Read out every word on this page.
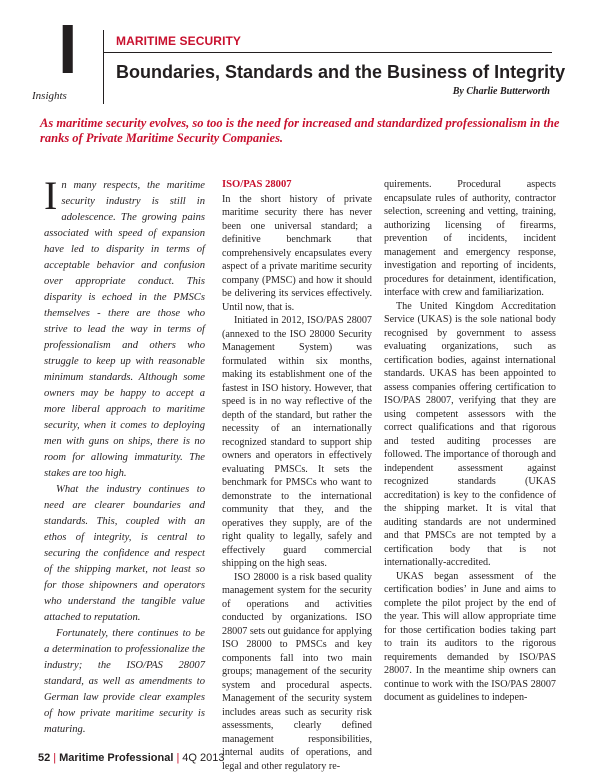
I
Insights
MARITIME SECURITY
Boundaries, Standards and the Business of Integrity
By Charlie Butterworth

As maritime security evolves, so too is the need for increased and standardized professionalism in the ranks of Private Maritime Security Companies.

In many respects, the maritime security industry is still in adolescence. The growing pains associated with speed of expansion have led to disparity in terms of acceptable behavior and confusion over appropriate conduct. This disparity is echoed in the PMSCs themselves - there are those who strive to lead the way in terms of professionalism and others who struggle to keep up with reasonable minimum standards. Although some owners may be happy to accept a more liberal approach to maritime security, when it comes to deploying men with guns on ships, there is no room for allowing immaturity. The stakes are too high.

What the industry continues to need are clearer boundaries and standards. This, coupled with an ethos of integrity, is central to securing the confidence and respect of the shipping market, not least so for those shipowners and operators who understand the tangible value attached to reputation.

Fortunately, there continues to be a determination to professionalize the industry; the ISO/PAS 28007 standard, as well as amendments to German law provide clear examples of how private maritime security is maturing.

ISO/PAS 28007

In the short history of private maritime security there has never been one universal standard; a definitive benchmark that comprehensively encapsulates every aspect of a private maritime security company (PMSC) and how it should be delivering its services effectively. Until now, that is.

Initiated in 2012, ISO/PAS 28007 (annexed to the ISO 28000 Security Management System) was formulated within six months, making its establishment one of the fastest in ISO history. However, that speed is in no way reflective of the depth of the standard, but rather the necessity of an internationally recognized standard to support ship owners and operators in effectively evaluating PMSCs. It sets the benchmark for PMSCs who want to demonstrate to the international community that they, and the operatives they supply, are of the right quality to legally, safely and effectively guard commercial shipping on the high seas.

ISO 28000 is a risk based quality management system for the security of operations and activities conducted by organizations. ISO 28007 sets out guidance for applying ISO 28000 to PMSCs and key components fall into two main groups; management of the security system and procedural aspects. Management of the security system includes areas such as security risk assessments, clearly defined management responsibilities, internal audits of operations, and legal and other regulatory re-

quirements. Procedural aspects encapsulate rules of authority, contractor selection, screening and vetting, training, authorizing licensing of firearms, prevention of incidents, incident management and emergency response, investigation and reporting of incidents, procedures for detainment, identification, interface with crew and familiarization.

The United Kingdom Accreditation Service (UKAS) is the sole national body recognised by government to assess evaluating organizations, such as certification bodies, against international standards. UKAS has been appointed to assess companies offering certification to ISO/PAS 28007, verifying that they are using competent assessors with the correct qualifications and that rigorous and tested auditing processes are followed. The importance of thorough and independent assessment against recognized standards (UKAS accreditation) is key to the confidence of the shipping market. It is vital that auditing standards are not undermined and that PMSCs are not tempted by a certification body that is not internationally-accredited.

UKAS began assessment of the certification bodies’ in June and aims to complete the pilot project by the end of the year. This will allow appropriate time for those certification bodies taking part to train its auditors to the rigorous requirements demanded by ISO/PAS 28007. In the meantime ship owners can continue to work with the ISO/PAS 28007 document as guidelines to indepen-

52 | Maritime Professional | 4Q 2013
